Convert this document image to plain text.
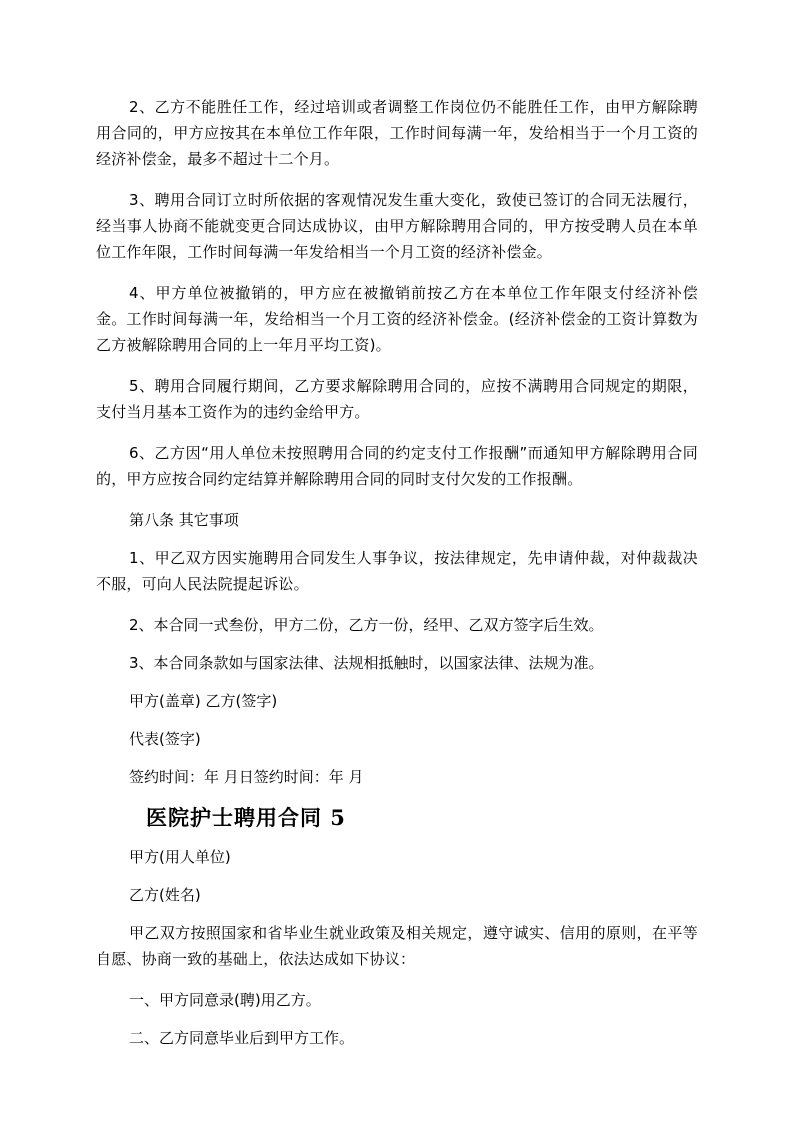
2、乙方不能胜任工作，经过培训或者调整工作岗位仍不能胜任工作，由甲方解除聘用合同的，甲方应按其在本单位工作年限，工作时间每满一年，发给相当于一个月工资的经济补偿金，最多不超过十二个月。

3、聘用合同订立时所依据的客观情况发生重大变化，致使已签订的合同无法履行，经当事人协商不能就变更合同达成协议，由甲方解除聘用合同的，甲方按受聘人员在本单位工作年限，工作时间每满一年发给相当一个月工资的经济补偿金。

4、甲方单位被撤销的，甲方应在被撤销前按乙方在本单位工作年限支付经济补偿金。工作时间每满一年，发给相当一个月工资的经济补偿金。(经济补偿金的工资计算数为乙方被解除聘用合同的上一年月平均工资)。

5、聘用合同履行期间，乙方要求解除聘用合同的，应按不满聘用合同规定的期限，支付当月基本工资作为的违约金给甲方。

6、乙方因“用人单位未按照聘用合同的约定支付工作报酬”而通知甲方解除聘用合同的，甲方应按合同约定结算并解除聘用合同的同时支付欠发的工作报酬。

第八条 其它事项

1、甲乙双方因实施聘用合同发生人事争议，按法律规定，先申请仲裁，对仲裁裁决不服，可向人民法院提起诉讼。

2、本合同一式叁份，甲方二份，乙方一份，经甲、乙双方签字后生效。

3、本合同条款如与国家法律、法规相抵触时，以国家法律、法规为准。

甲方(盖章) 乙方(签字)

代表(签字)

签约时间：年 月日签约时间：年 月

医院护士聘用合同 5

甲方(用人单位)

乙方(姓名)

甲乙双方按照国家和省毕业生就业政策及相关规定，遵守诚实、信用的原则，在平等自愿、协商一致的基础上，依法达成如下协议：

一、甲方同意录(聘)用乙方。

二、乙方同意毕业后到甲方工作。
